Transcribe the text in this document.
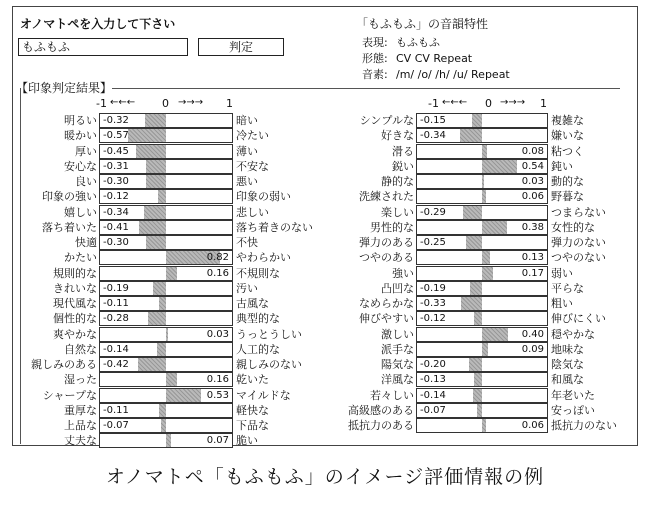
オノマトペを入力して下さい
もふもふ	判定
「もふもふ」の音韻特性
表現: もふもふ
形態: CV CV Repeat
音素: /m/ /o/ /h/ /u/ Repeat
【印象判定結果】
-1 ←←← 0 →→→ 1	-1 ←←← 0 →→→ 1
明るい -0.32	暗い
暖かい -0.57	冷たい
厚い -0.45	薄い
安心な -0.31	不安な
良い -0.30	悪い
印象の強い -0.12	印象の弱い
嬉しい -0.34	悲しい
落ち着いた -0.41	落ち着きのない
快適 -0.30	不快
かたい	0.82 やわらかい
規則的な	0.16 不規則な
きれいな -0.19	汚い
現代風な -0.11	古風な
個性的な -0.28	典型的な
爽やかな	0.03 うっとうしい
自然な -0.14	人工的な
親しみのある -0.42	親しみのない
湿った	0.16 乾いた
シャープな	0.53 マイルドな
重厚な -0.11	軽快な
上品な -0.07	下品な
丈夫な	0.07 脆い
シンプルな -0.15	複雑な
好きな -0.34	嫌いな
滑る	0.08 粘つく
鋭い	0.54 鈍い
静的な	0.03 動的な
洗練された	0.06 野暮な
楽しい -0.29	つまらない
男性的な	0.38 女性的な
弾力のある -0.25	弾力のない
つやのある	0.13 つやのない
強い	0.17 弱い
凸凹な -0.19	平らな
なめらかな -0.33	粗い
伸びやすい -0.12	伸びにくい
激しい	0.40 穏やかな
派手な	0.09 地味な
陽気な -0.20	陰気な
洋風な -0.13	和風な
若々しい -0.14	年老いた
高級感のある -0.07	安っぽい
抵抗力のある	0.06 抵抗力のない
オノマトペ「もふもふ」のイメージ評価情報の例
